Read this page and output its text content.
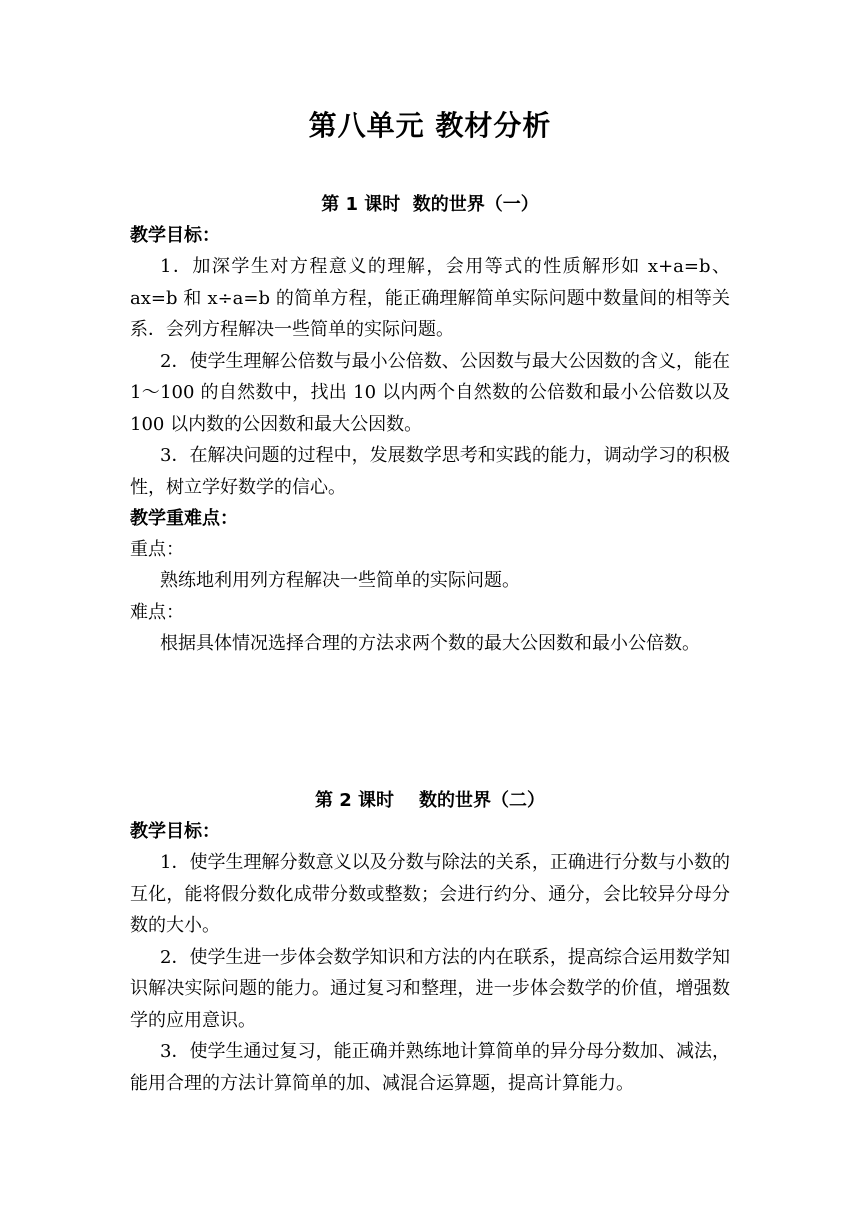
第八单元 教材分析
第 1 课时  数的世界（一）
教学目标：

1．加深学生对方程意义的理解，会用等式的性质解形如 x+a=b、ax=b 和 x÷a=b 的简单方程，能正确理解简单实际问题中数量间的相等关系．会列方程解决一些简单的实际问题。

2．使学生理解公倍数与最小公倍数、公因数与最大公因数的含义，能在 1～100 的自然数中，找出 10 以内两个自然数的公倍数和最小公倍数以及 100 以内数的公因数和最大公因数。

3．在解决问题的过程中，发展数学思考和实践的能力，调动学习的积极性，树立学好数学的信心。

教学重难点：
重点：

熟练地利用列方程解决一些简单的实际问题。

难点：

根据具体情况选择合理的方法求两个数的最大公因数和最小公倍数。

第 2 课时    数的世界（二）
教学目标：

1．使学生理解分数意义以及分数与除法的关系，正确进行分数与小数的互化，能将假分数化成带分数或整数；会进行约分、通分，会比较异分母分数的大小。

2．使学生进一步体会数学知识和方法的内在联系，提高综合运用数学知识解决实际问题的能力。通过复习和整理，进一步体会数学的价值，增强数学的应用意识。

3．使学生通过复习，能正确并熟练地计算简单的异分母分数加、减法，能用合理的方法计算简单的加、减混合运算题，提高计算能力。
